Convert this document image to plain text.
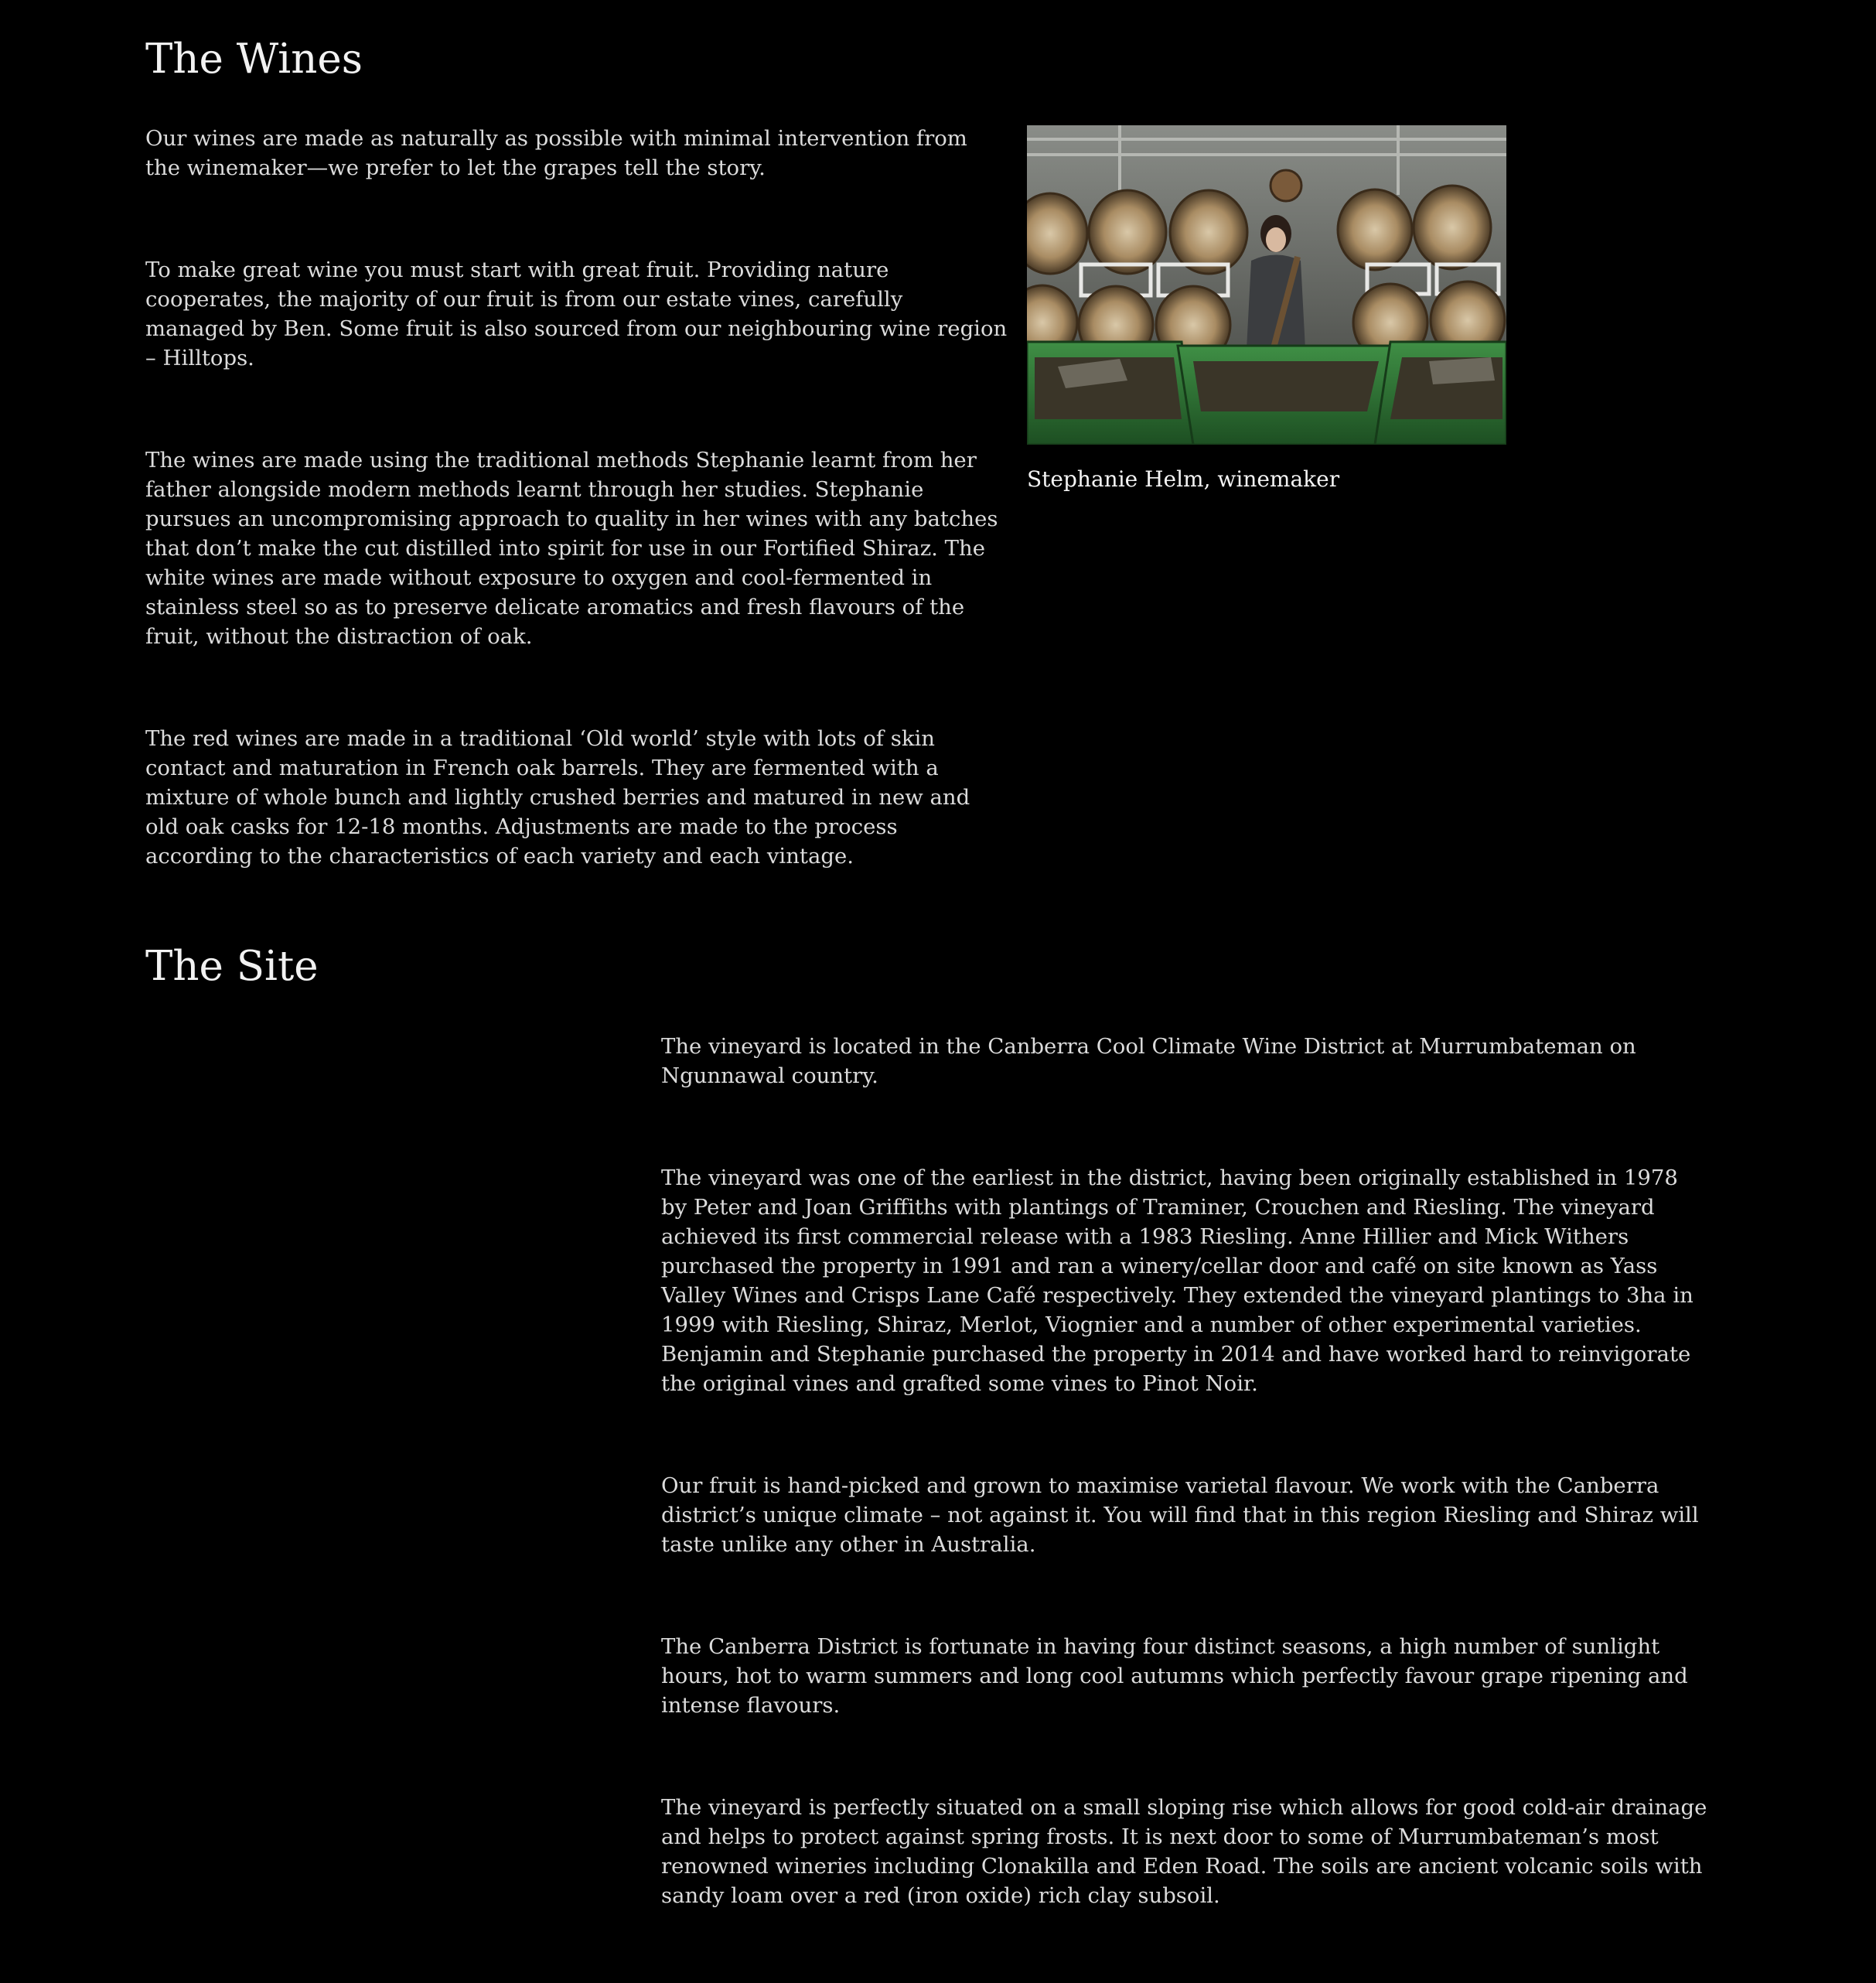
The Wines

Our wines are made as naturally as possible with minimal intervention from the winemaker—we prefer to let the grapes tell the story.

To make great wine you must start with great fruit. Providing nature cooperates, the majority of our fruit is from our estate vines, carefully managed by Ben. Some fruit is also sourced from our neighbouring wine region – Hilltops.

The wines are made using the traditional methods Stephanie learnt from her father alongside modern methods learnt through her studies. Stephanie pursues an uncompromising approach to quality in her wines with any batches that don’t make the cut distilled into spirit for use in our Fortified Shiraz. The white wines are made without exposure to oxygen and cool-fermented in stainless steel so as to preserve delicate aromatics and fresh flavours of the fruit, without the distraction of oak.

The red wines are made in a traditional ‘Old world’ style with lots of skin contact and maturation in French oak barrels. They are fermented with a mixture of whole bunch and lightly crushed berries and matured in new and old oak casks for 12-18 months. Adjustments are made to the process according to the characteristics of each variety and each vintage.

Stephanie Helm, winemaker
The Site

The vineyard is located in the Canberra Cool Climate Wine District at Murrumbateman on Ngunnawal country.

The vineyard was one of the earliest in the district, having been originally established in 1978 by Peter and Joan Griffiths with plantings of Traminer, Crouchen and Riesling. The vineyard achieved its first commercial release with a 1983 Riesling. Anne Hillier and Mick Withers purchased the property in 1991 and ran a winery/cellar door and café on site known as Yass Valley Wines and Crisps Lane Café respectively. They extended the vineyard plantings to 3ha in 1999 with Riesling, Shiraz, Merlot, Viognier and a number of other experimental varieties. Benjamin and Stephanie purchased the property in 2014 and have worked hard to reinvigorate the original vines and grafted some vines to Pinot Noir.

Our fruit is hand-picked and grown to maximise varietal flavour. We work with the Canberra district’s unique climate – not against it. You will find that in this region Riesling and Shiraz will taste unlike any other in Australia.

The Canberra District is fortunate in having four distinct seasons, a high number of sunlight hours, hot to warm summers and long cool autumns which perfectly favour grape ripening and intense flavours.

The vineyard is perfectly situated on a small sloping rise which allows for good cold-air drainage and helps to protect against spring frosts. It is next door to some of Murrumbateman’s most renowned wineries including Clonakilla and Eden Road. The soils are ancient volcanic soils with sandy loam over a red (iron oxide) rich clay subsoil.
